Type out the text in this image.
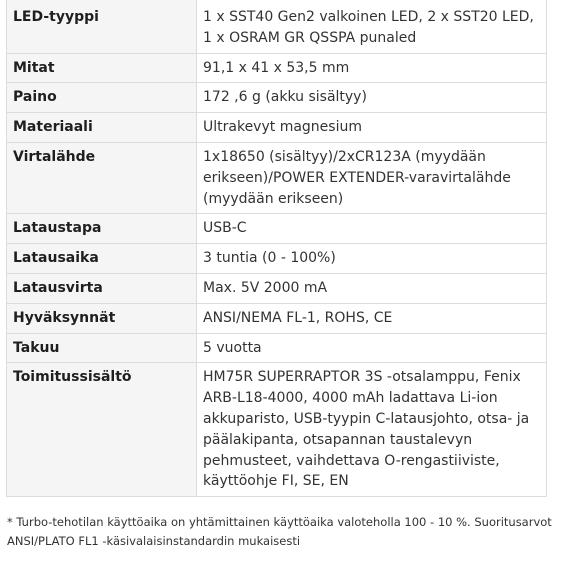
LED-tyyppi	1 x SST40 Gen2 valkoinen LED, 2 x SST20 LED, 1 x OSRAM GR QSSPA punaled
Mitat	91,1 x 41 x 53,5 mm
Paino	172 ,6 g (akku sisältyy)
Materiaali	Ultrakevyt magnesium
Virtalähde	1x18650 (sisältyy)/2xCR123A (myydään erikseen)/POWER EXTENDER-varavirtalähde (myydään erikseen)
Lataustapa	USB-C
Latausaika	3 tuntia (0 - 100%)
Latausvirta	Max. 5V 2000 mA
Hyväksynnät	ANSI/NEMA FL-1, ROHS, CE
Takuu	5 vuotta
Toimitussisältö	HM75R SUPERRAPTOR 3S -otsalamppu, Fenix ARB-L18-4000, 4000 mAh ladattava Li-ion akkuparisto, USB-tyypin C-latausjohto, otsa- ja päälakipanta, otsapannan taustalevyn pehmusteet, vaihdettava O-rengastiiviste, käyttöohje FI, SE, EN
* Turbo-tehotilan käyttöaika on yhtämittainen käyttöaika valoteholla 100 - 10 %. Suoritusarvot ANSI/PLATO FL1 -käsivalaisinstandardin mukaisesti
